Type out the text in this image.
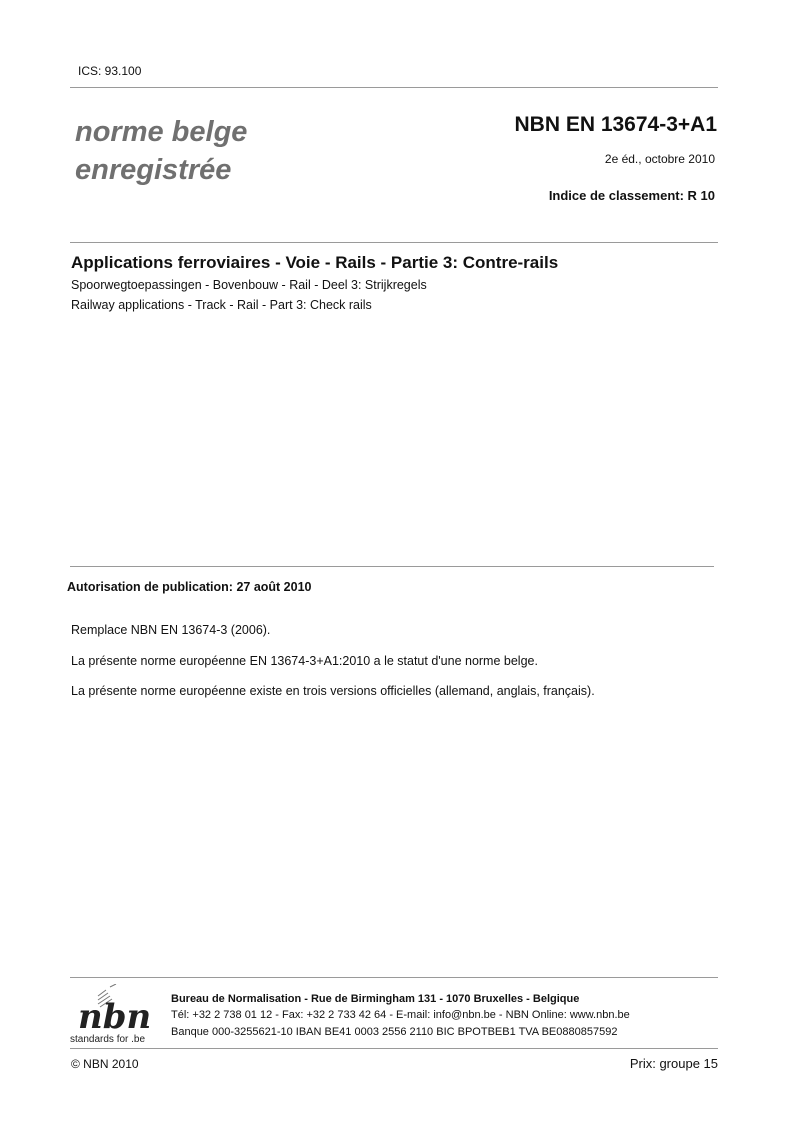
ICS: 93.100
norme belge
enregistrée
NBN EN 13674-3+A1
2e éd., octobre 2010
Indice de classement: R 10
Applications ferroviaires - Voie - Rails - Partie 3: Contre-rails
Spoorwegtoepassingen - Bovenbouw - Rail - Deel 3: Strijkregels
Railway applications - Track - Rail - Part 3: Check rails
Autorisation de publication: 27 août 2010
Remplace NBN EN 13674-3 (2006).
La présente norme européenne EN 13674-3+A1:2010 a le statut d'une norme belge.
La présente norme européenne existe en trois versions officielles (allemand, anglais, français).
nbn
standards for .be
Bureau de Normalisation - Rue de Birmingham 131 - 1070 Bruxelles - Belgique
Tél: +32 2 738 01 12 - Fax: +32 2 733 42 64 - E-mail: info@nbn.be - NBN Online: www.nbn.be
Banque 000-3255621-10 IBAN BE41 0003 2556 2110 BIC BPOTBEB1 TVA BE0880857592
© NBN 2010	Prix: groupe 15
